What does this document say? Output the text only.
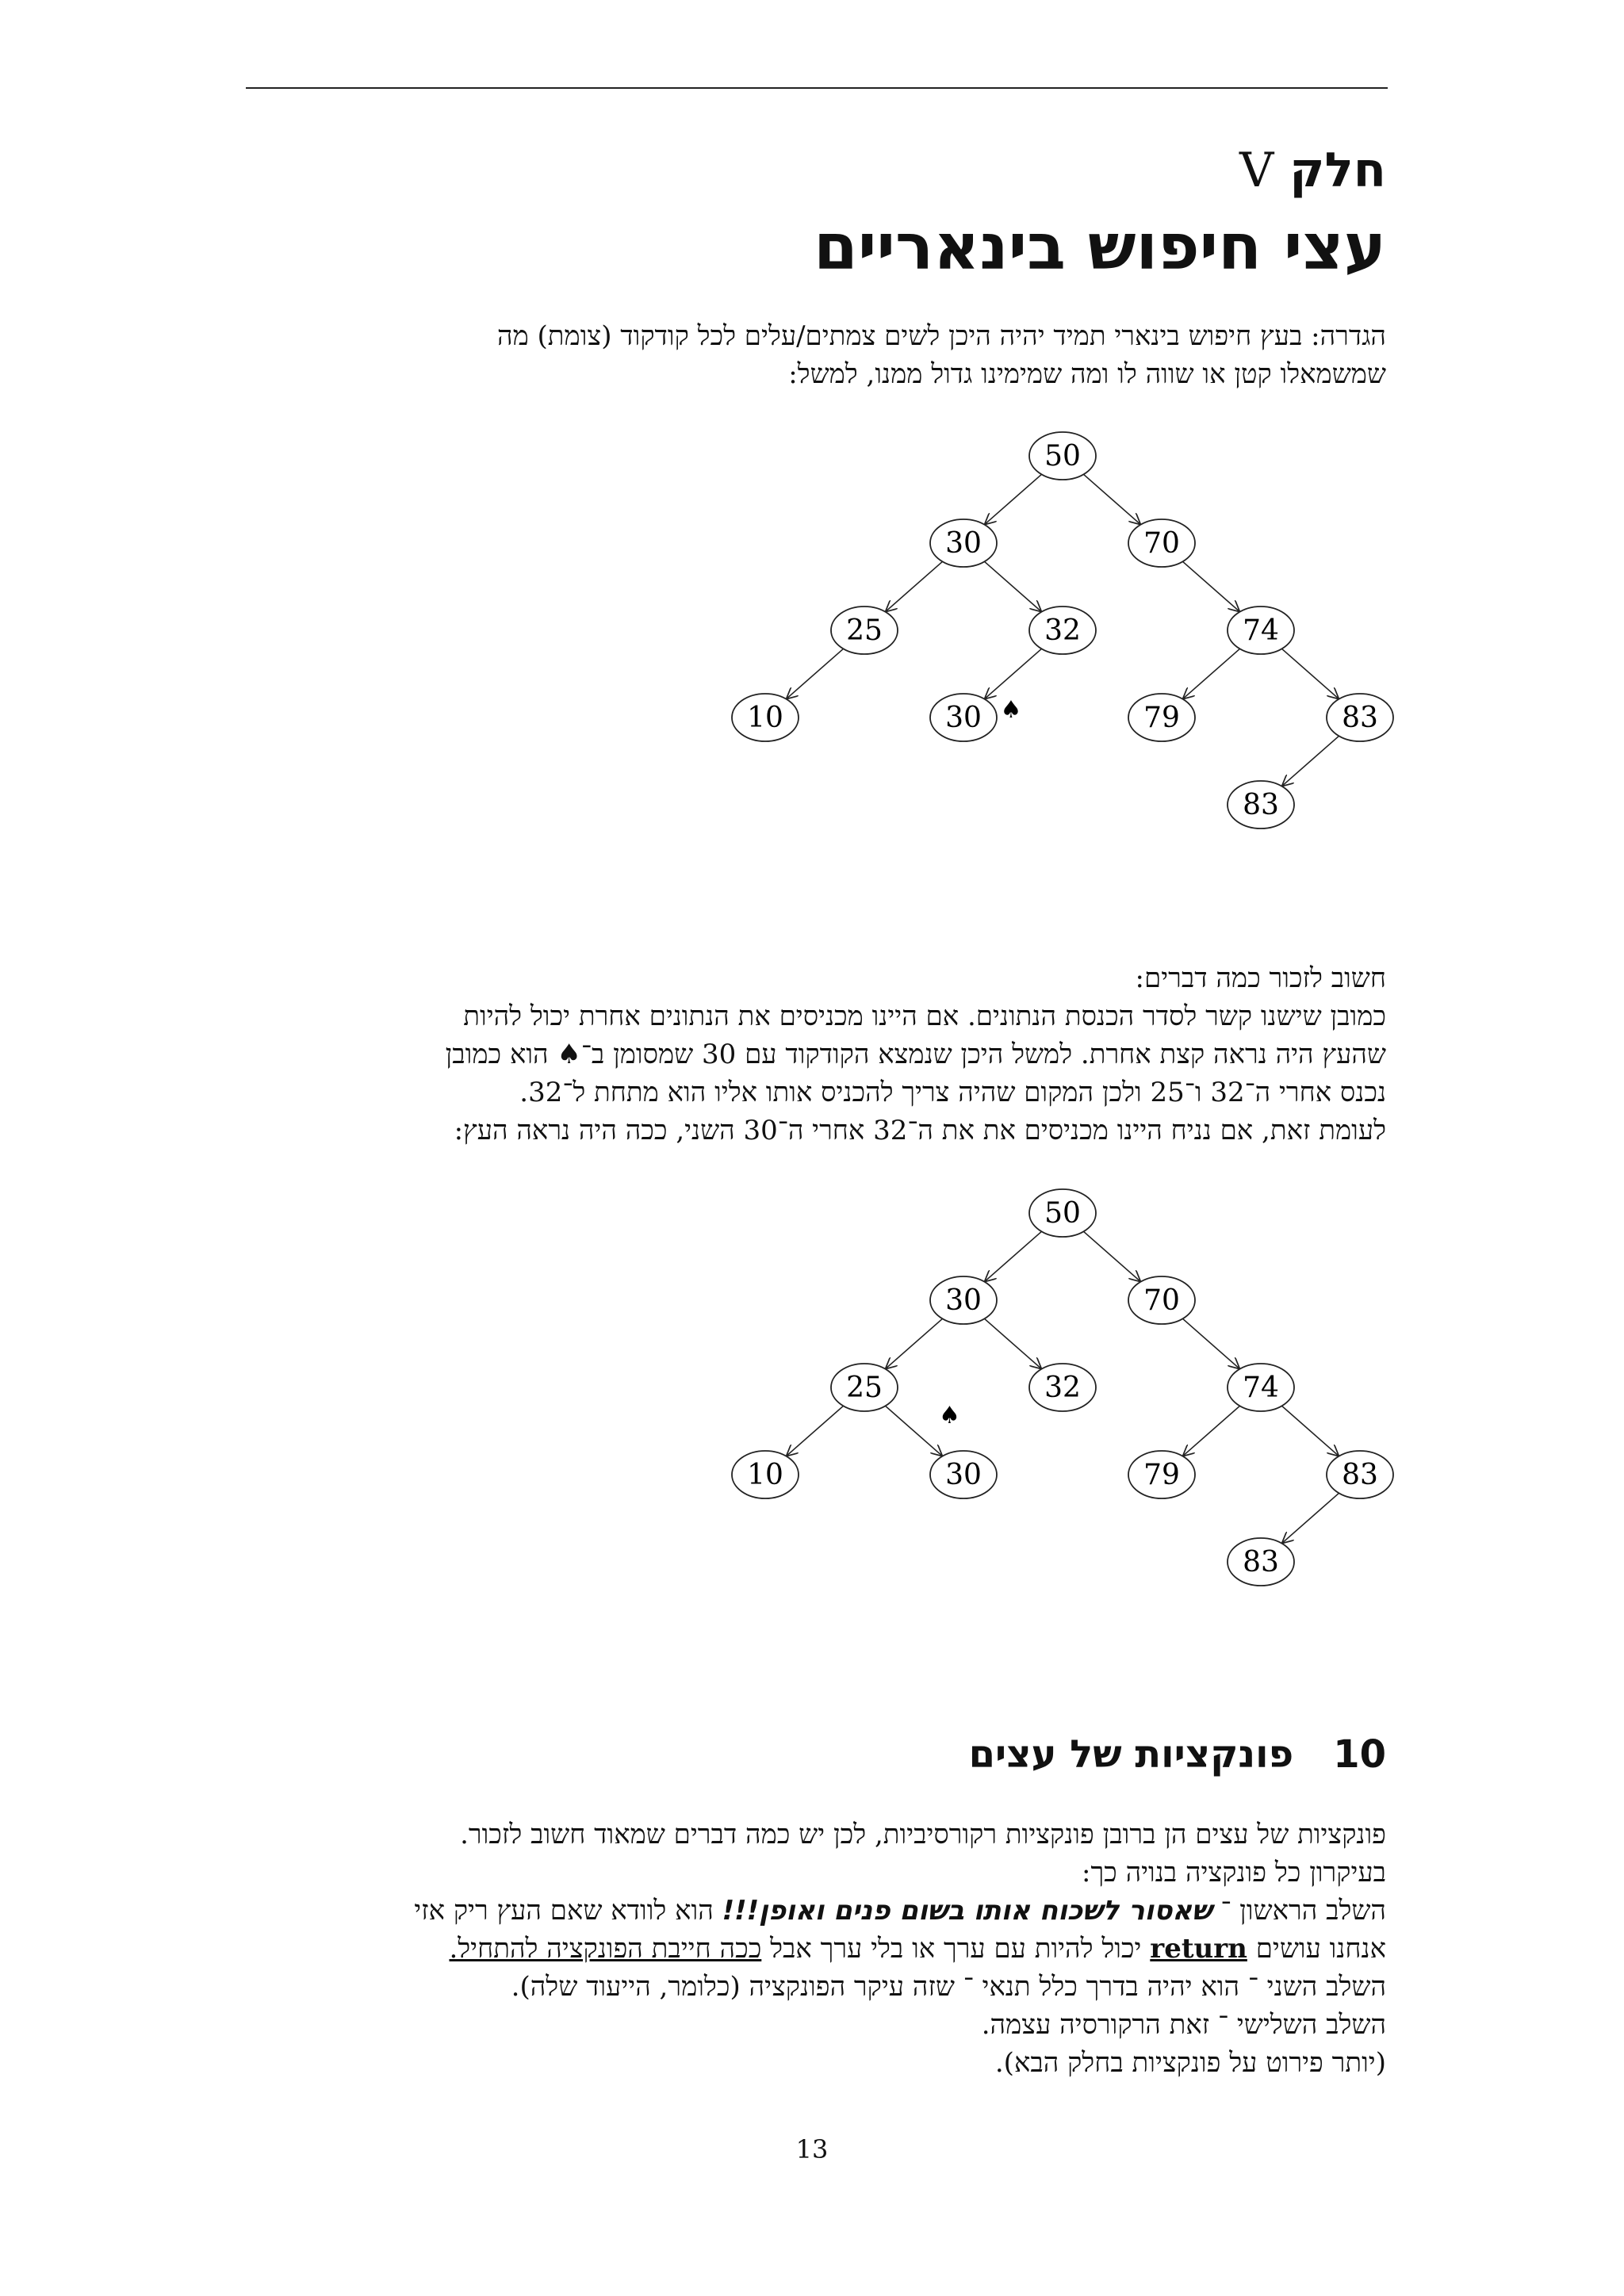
חלקV
עצי חיפוש בינאריים

הגדרה: בעץ חיפוש בינארי תמיד יהיה היכן לשים צמתים/עלים לכל קודקוד (צומת) מה

שמשמאלו קטן או שווה לו ומה שמימינו גדול ממנו, למשל:

50
30	70
25	32	74
10	30	79	83
83
♠

חשוב לזכור כמה דברים:

כמובן שישנו קשר לסדר הכנסת הנתונים. אם היינו מכניסים את הנתונים אחרת יכול להיות

שהעץ היה נראה קצת אחרת. למשל היכן שנמצא הקודקוד עם 30 שמסומן ב־♠ הוא כמובן

נכנס אחרי ה־32 ו־25 ולכן המקום שהיה צריך להכניס אותו אליו הוא מתחת ל־32.

לעומת זאת, אם נניח היינו מכניסים את את ה־32 אחרי ה־30 השני, ככה היה נראה העץ:

50
30	70
25	32	74
10	30	79	83
83
♠
10פונקציות של עצים

פונקציות של עצים הן ברובן פונקציות רקורסיביות, לכן יש כמה דברים שמאוד חשוב לזכור.

בעיקרון כל פונקציה בנויה כך:

השלב הראשון ־ שאסור לשכוח אותו בשום פנים ואופן!!! הוא לוודא שאם העץ ריק אזי

אנחנו עושים return יכול להיות עם ערך או בלי ערך אבל ככה חייבת הפונקציה להתחיל.

השלב השני ־ הוא יהיה בדרך כלל תנאי ־ שזה עיקר הפונקציה (כלומר, הייעוד שלה).

השלב השלישי ־ זאת הרקורסיה עצמה.

(יותר פירוט על פונקציות בחלק הבא).

13
